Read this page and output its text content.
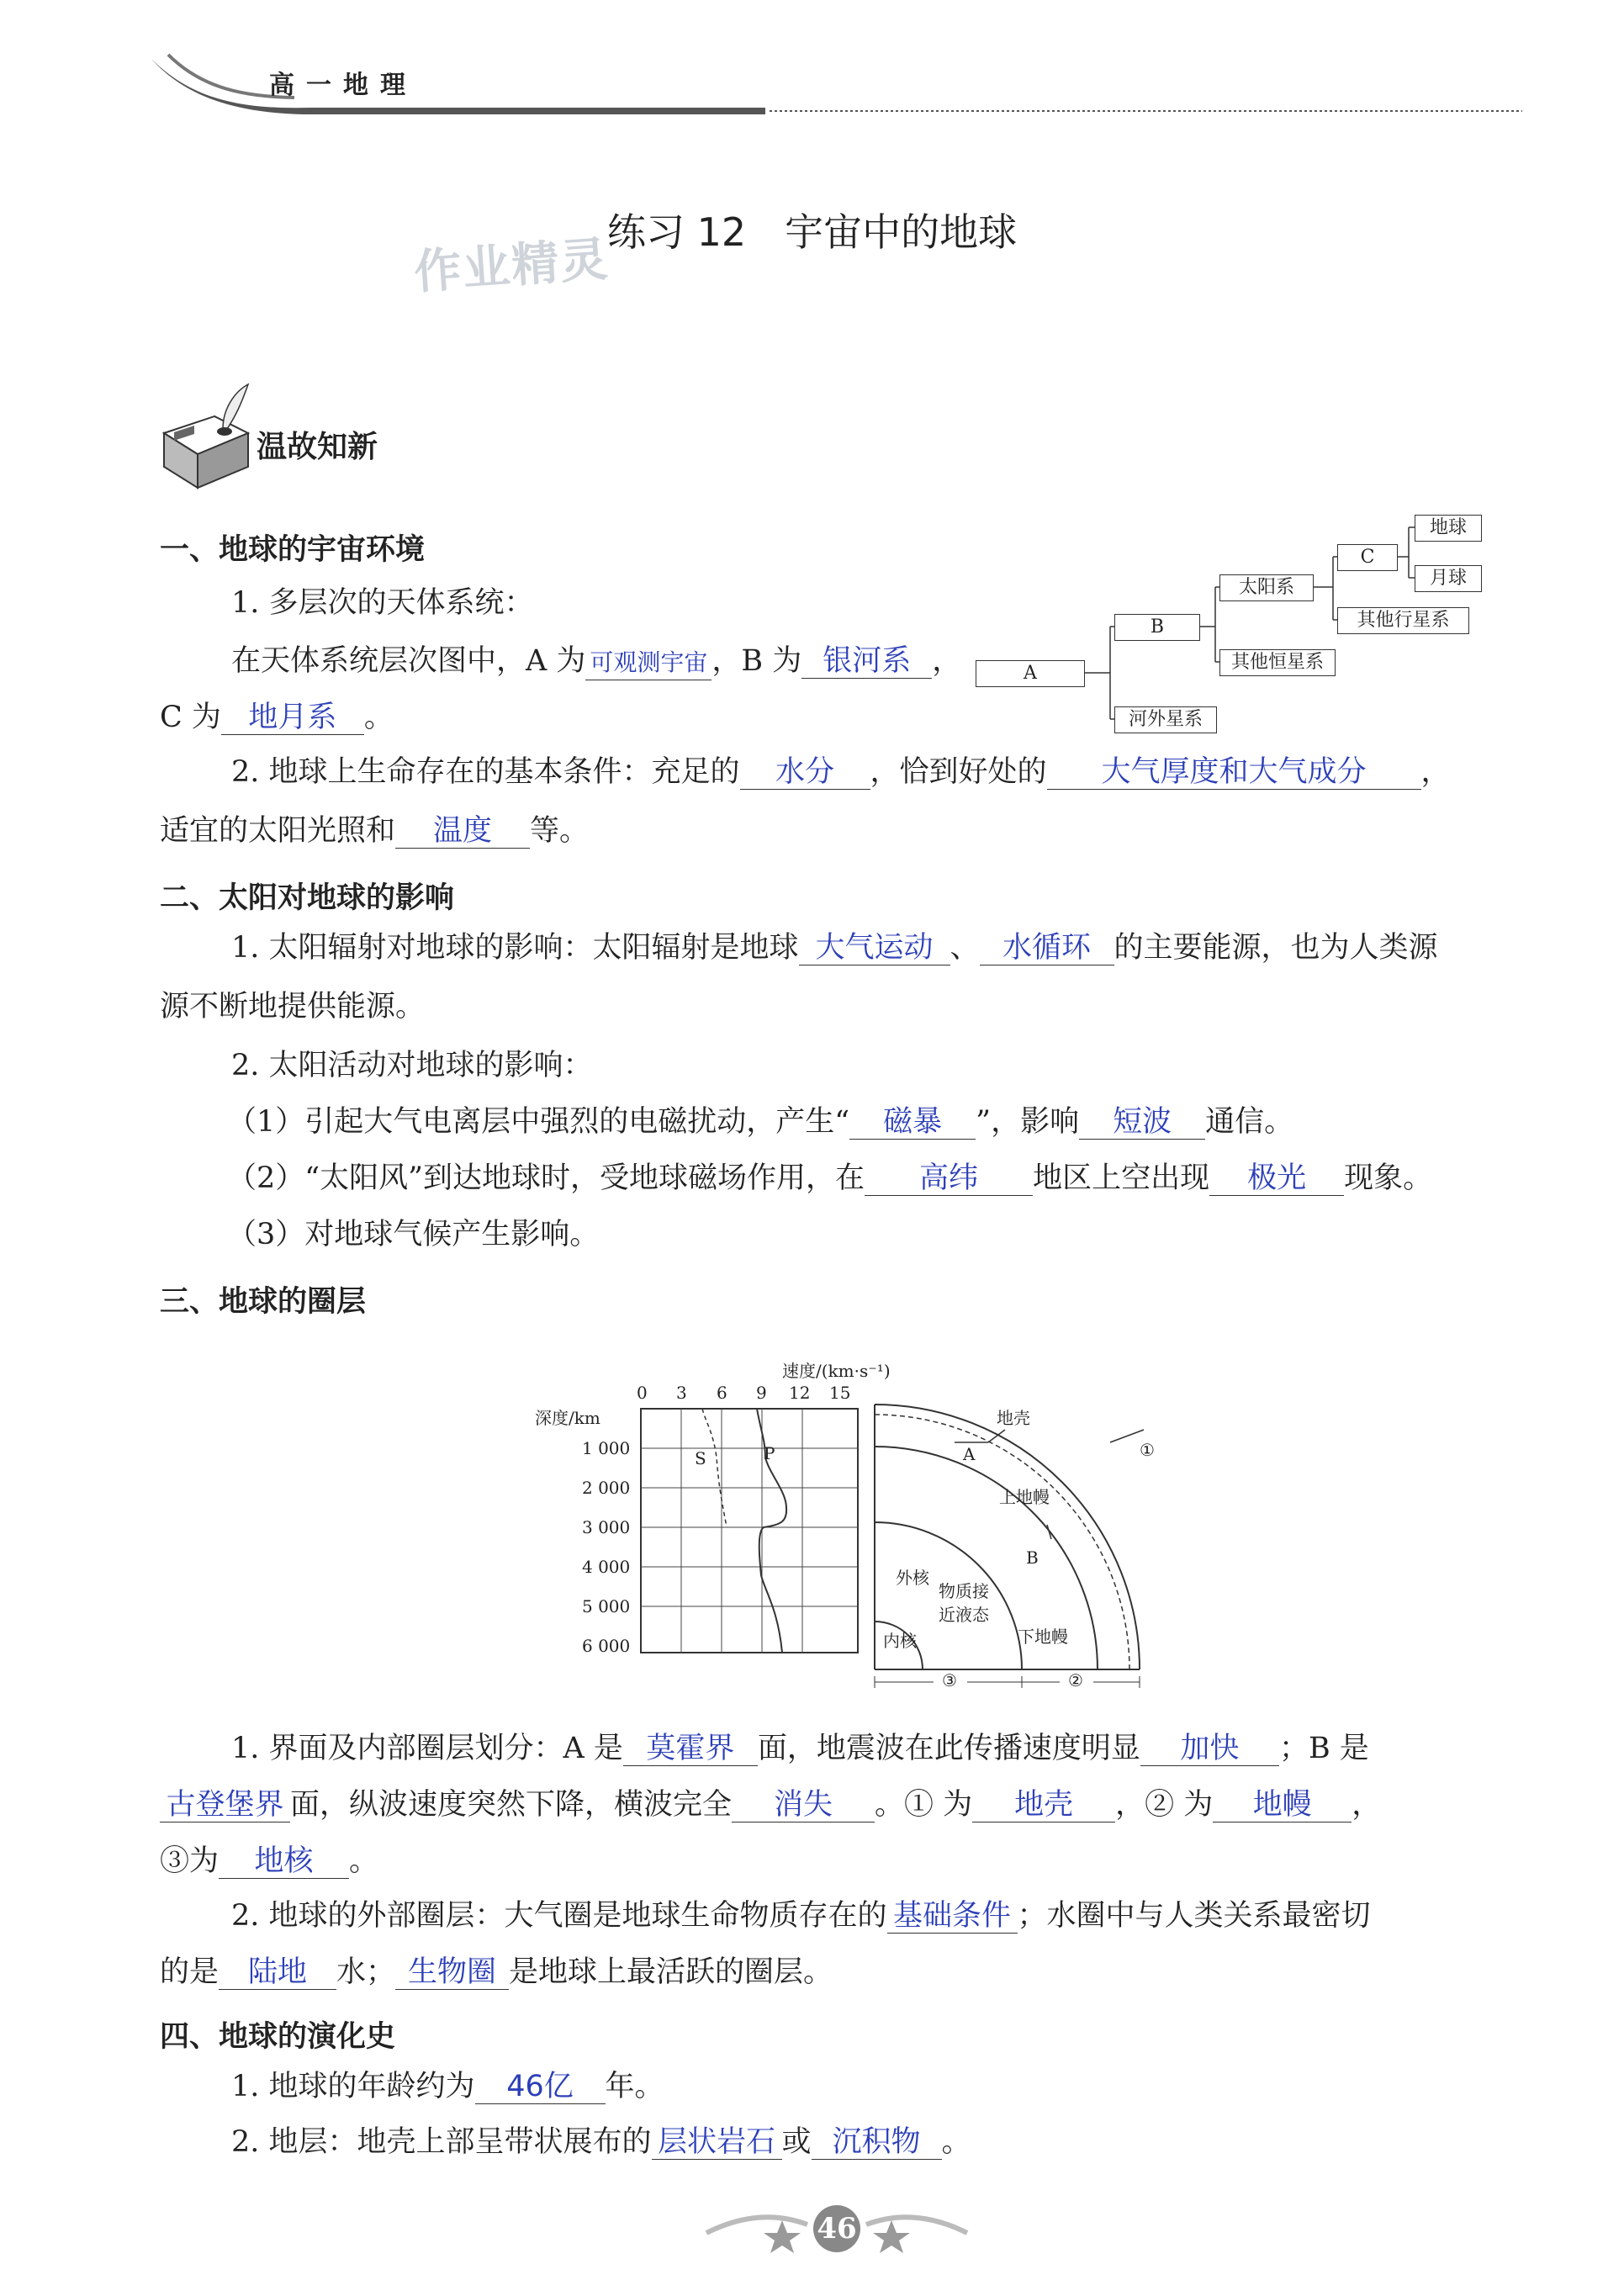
高一地理
作业精灵
练习 12　宇宙中的地球
温故知新
一、地球的宇宙环境
1. 多层次的天体系统：
在天体系统层次图中，A 为 可观测宇宙 ，B 为 银河系 ，
C 为 地月系 。
A
B
河外星系
太阳系
其他恒星系
C
其他行星系
地球
月球
2. 地球上生命存在的基本条件：充足的 水分 ，恰到好处的 大气厚度和大气成分 ，
适宜的太阳光照和 温度 等。
二、太阳对地球的影响
1. 太阳辐射对地球的影响：太阳辐射是地球 大气运动 、 水循环 的主要能源，也为人类源
源不断地提供能源。
2. 太阳活动对地球的影响：
（1）引起大气电离层中强烈的电磁扰动，产生“ 磁暴 ”，影响 短波 通信。
（2）“太阳风”到达地球时，受地球磁场作用，在 高纬 地区上空出现 极光 现象。
（3）对地球气候产生影响。
三、地球的圈层
速度/(km·s⁻¹)
深度/km
0 3 6 9 12 15
1 000
2 000
3 000
4 000
5 000
6 000
S	P
地壳
A	①
上地幔
B
外核
物质接近液态
内核	下地幔
③	②
1. 界面及内部圈层划分：A 是 莫霍界 面，地震波在此传播速度明显 加快 ；B 是
古登堡界 面，纵波速度突然下降，横波完全 消失 。① 为 地壳 ，② 为 地幔 ，
③为 地核 。
2. 地球的外部圈层：大气圈是地球生命物质存在的 基础条件 ；水圈中与人类关系最密切
的是 陆地 水； 生物圈 是地球上最活跃的圈层。
四、地球的演化史
1. 地球的年龄约为 46亿 年。
2. 地层：地壳上部呈带状展布的 层状岩石 或 沉积物 。
46
